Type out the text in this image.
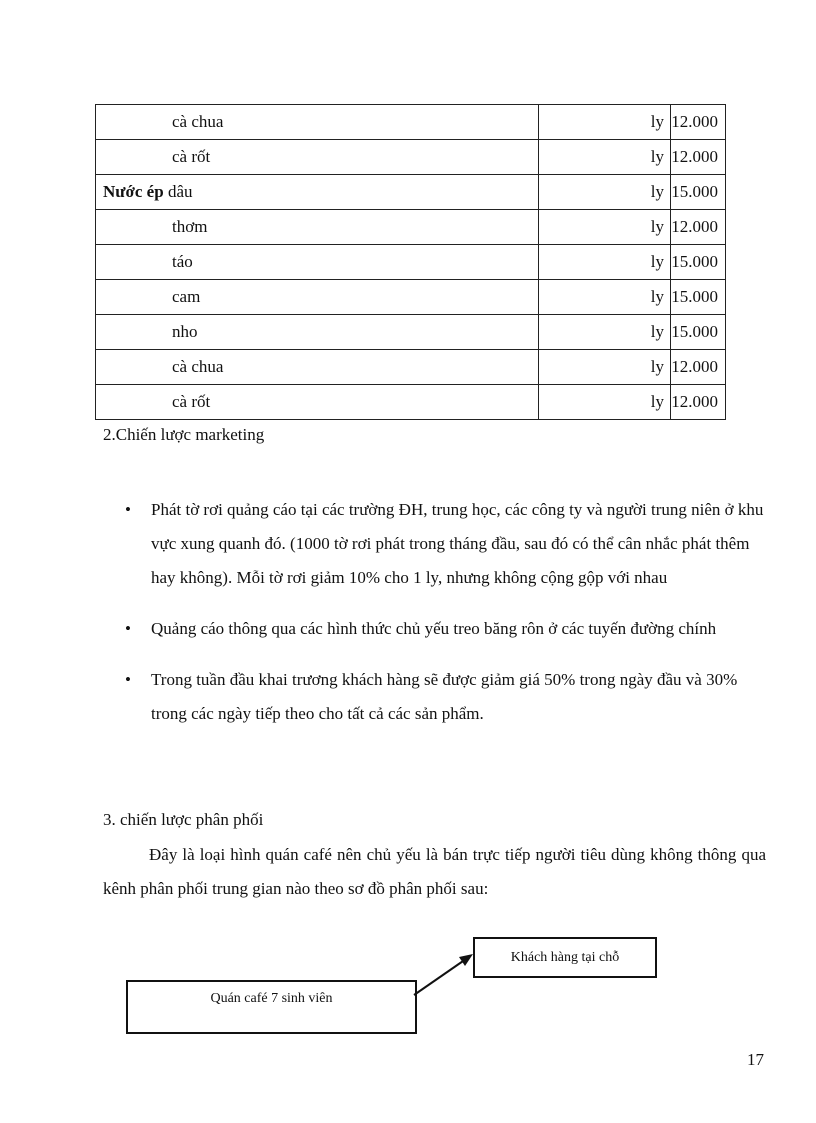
cà chua	ly	12.000
cà rốt	ly	12.000
Nước ép dâu	ly	15.000
thơm	ly	12.000
táo	ly	15.000
cam	ly	15.000
nho	ly	15.000
cà chua	ly	12.000
cà rốt	ly	12.000
2.Chiến lược marketing
• Phát tờ rơi quảng cáo tại các trường ĐH, trung học, các công ty và người trung niên ở khu vực xung quanh đó. (1000 tờ rơi phát trong tháng đầu, sau đó có thể cân nhắc phát thêm hay không). Mỗi tờ rơi giảm 10% cho 1 ly, nhưng không cộng gộp với nhau
• Quảng cáo thông qua các hình thức chủ yếu treo băng rôn ở các tuyến đường chính
• Trong tuần đầu khai trương khách hàng sẽ được giảm giá 50% trong ngày đầu và 30% trong các ngày tiếp theo cho tất cả các sản phẩm.
3. chiến lược phân phối
Đây là loại hình quán café nên chủ yếu là bán trực tiếp người tiêu dùng không thông qua kênh phân phối trung gian nào theo sơ đồ phân phối sau:
Quán café 7 sinh viên
Khách hàng tại chỗ
17
